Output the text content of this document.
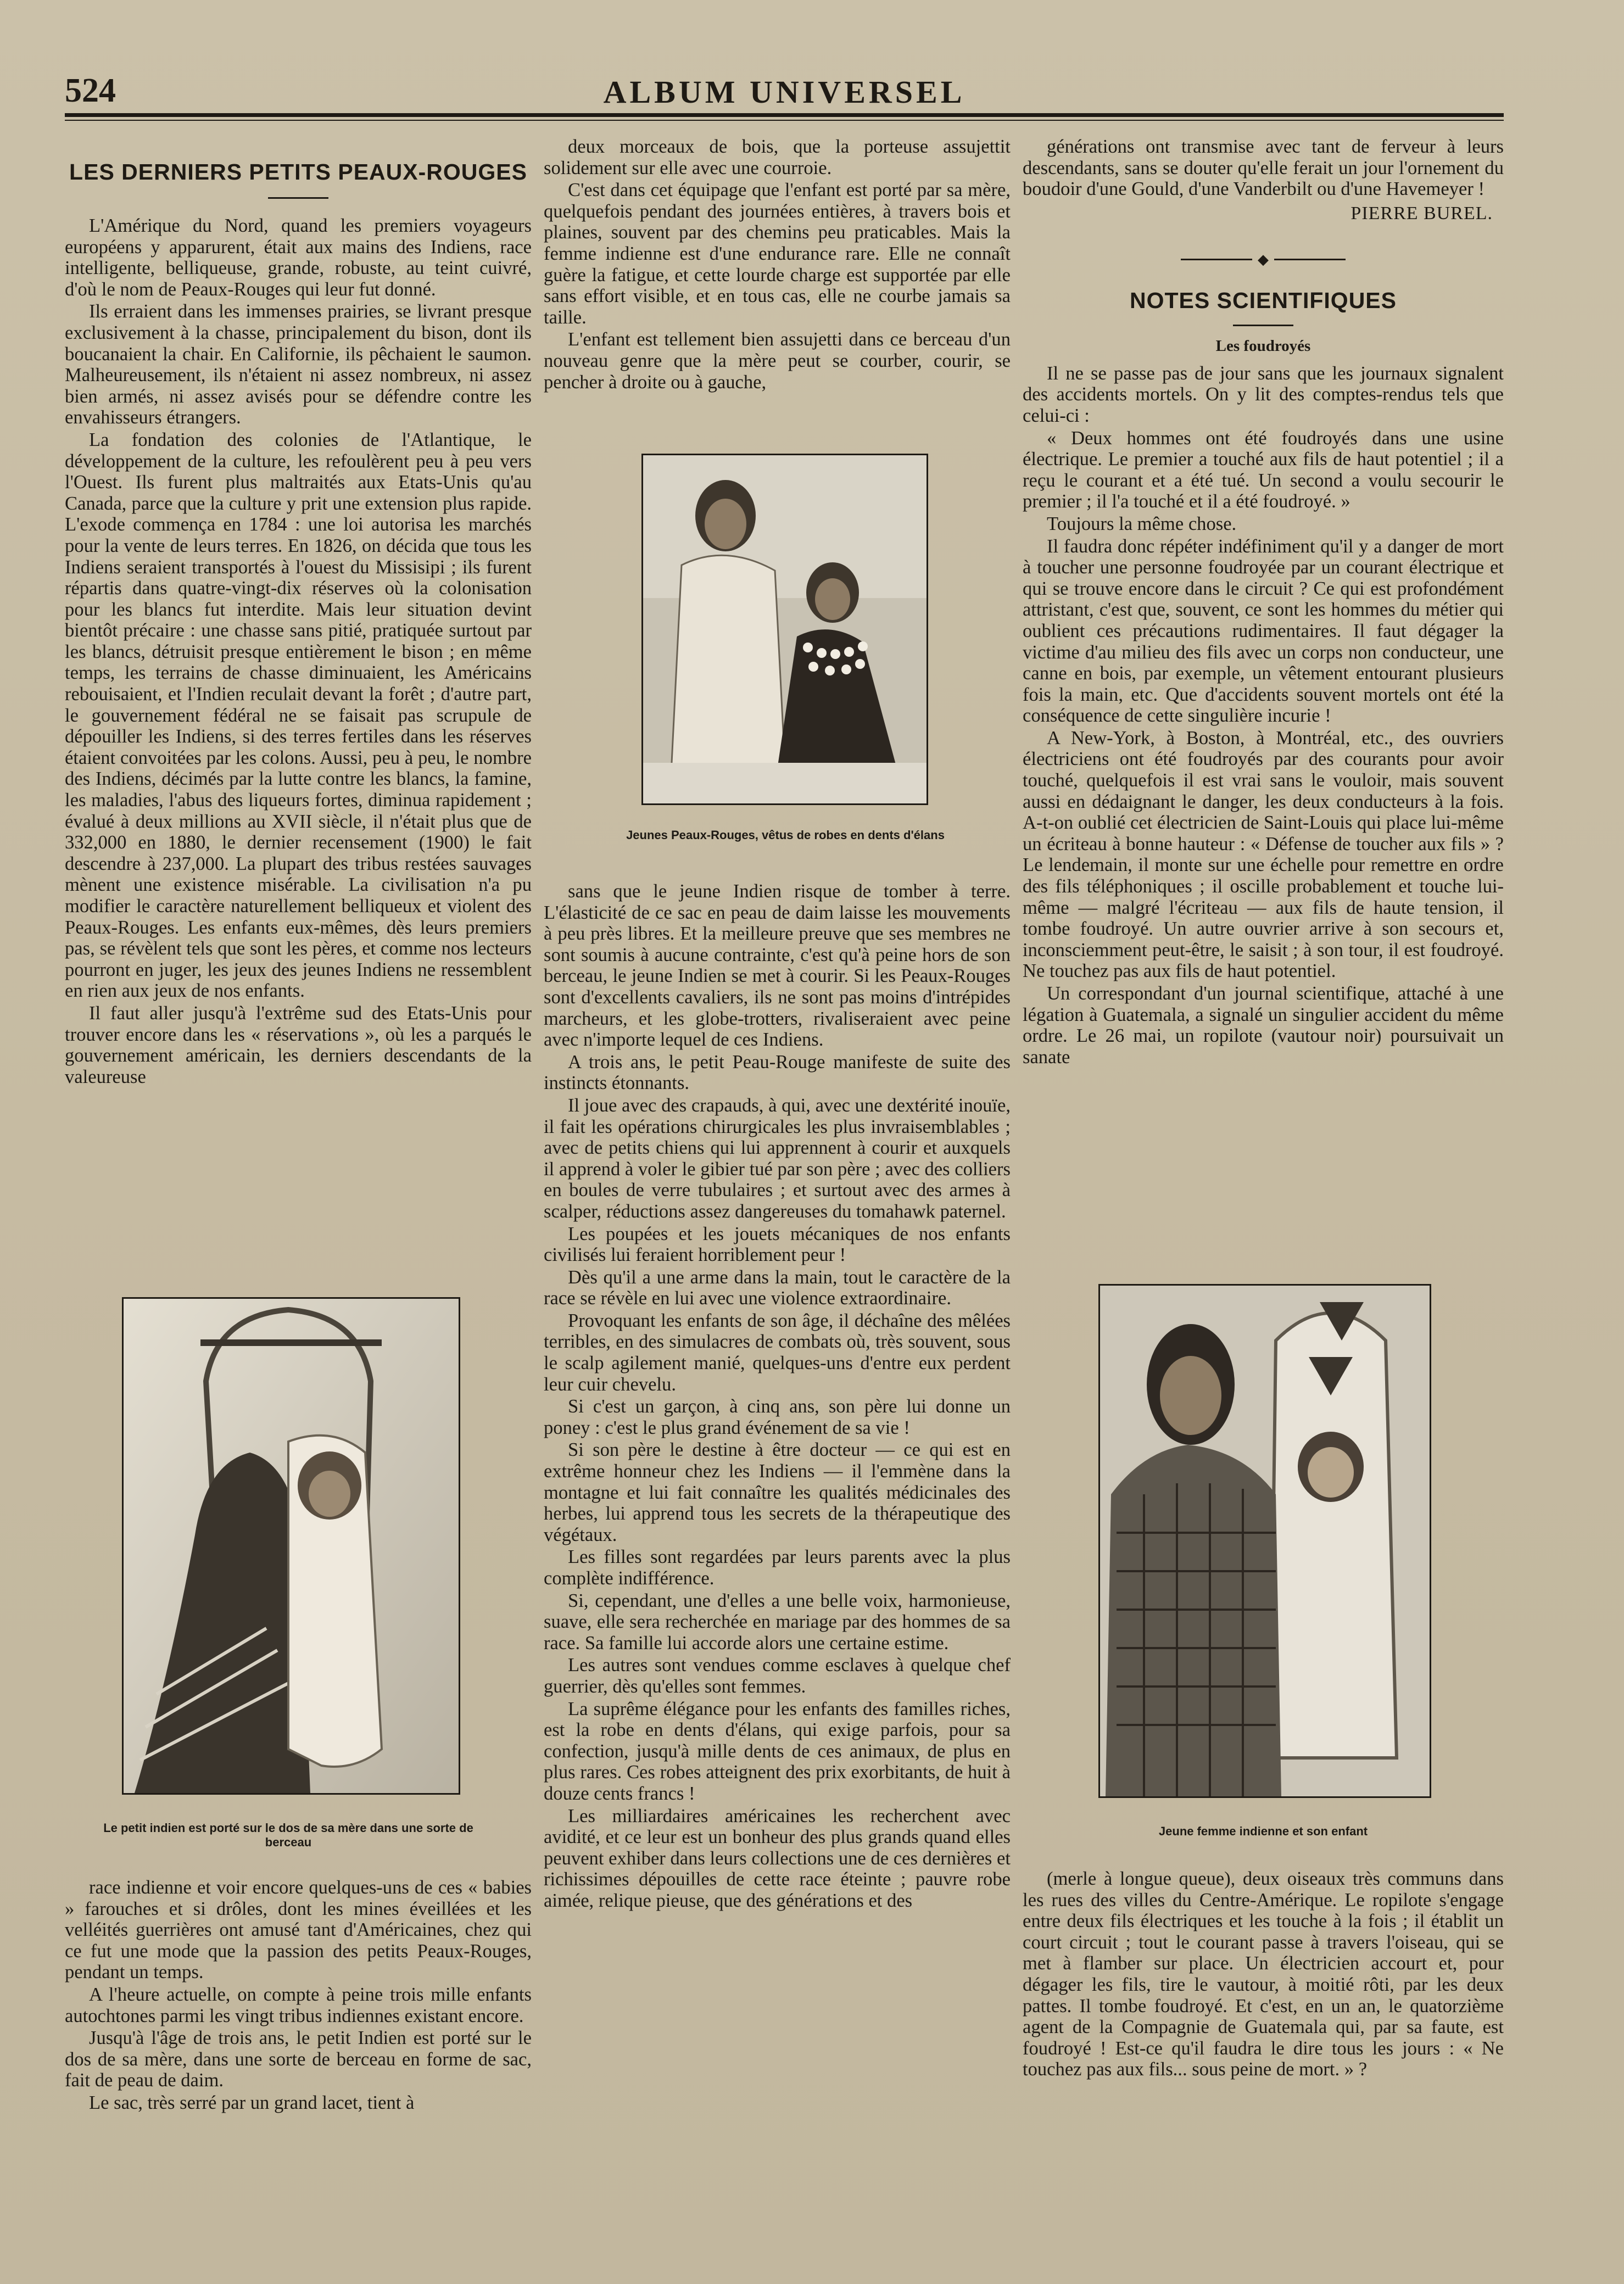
524	ALBUM UNIVERSEL
LES DERNIERS PETITS PEAUX-ROUGES

L'Amérique du Nord, quand les premiers voyageurs européens y apparurent, était aux mains des Indiens, race intelligente, belliqueuse, grande, robuste, au teint cuivré, d'où le nom de Peaux-Rouges qui leur fut donné.

Ils erraient dans les immenses prairies, se livrant presque exclusivement à la chasse, principalement du bison, dont ils boucanaient la chair. En Californie, ils pêchaient le saumon. Malheureusement, ils n'étaient ni assez nombreux, ni assez bien armés, ni assez avisés pour se défendre contre les envahisseurs étrangers.

La fondation des colonies de l'Atlantique, le développement de la culture, les refoulèrent peu à peu vers l'Ouest. Ils furent plus maltraités aux Etats-Unis qu'au Canada, parce que la culture y prit une extension plus rapide. L'exode commença en 1784 : une loi autorisa les marchés pour la vente de leurs terres. En 1826, on décida que tous les Indiens seraient transportés à l'ouest du Missisipi ; ils furent répartis dans quatre-vingt-dix réserves où la colonisation pour les blancs fut interdite. Mais leur situation devint bientôt précaire : une chasse sans pitié, pratiquée surtout par les blancs, détruisit presque entièrement le bison ; en même temps, les terrains de chasse diminuaient, les Américains rebouisaient, et l'Indien reculait devant la forêt ; d'autre part, le gouvernement fédéral ne se faisait pas scrupule de dépouiller les Indiens, si des terres fertiles dans les réserves étaient convoitées par les colons. Aussi, peu à peu, le nombre des Indiens, décimés par la lutte contre les blancs, la famine, les maladies, l'abus des liqueurs fortes, diminua rapidement ; évalué à deux millions au XVII siècle, il n'était plus que de 332,000 en 1880, le dernier recensement (1900) le fait descendre à 237,000. La plupart des tribus restées sauvages mènent une existence misérable. La civilisation n'a pu modifier le caractère naturellement belliqueux et violent des Peaux-Rouges. Les enfants eux-mêmes, dès leurs premiers pas, se révèlent tels que sont les pères, et comme nos lecteurs pourront en juger, les jeux des jeunes Indiens ne ressemblent en rien aux jeux de nos enfants.

Il faut aller jusqu'à l'extrême sud des Etats-Unis pour trouver encore dans les « réservations », où les a parqués le gouvernement américain, les derniers descendants de la valeureuse

Le petit indien est porté sur le dos de sa mère dans une sorte de berceau

race indienne et voir encore quelques-uns de ces « babies » farouches et si drôles, dont les mines éveillées et les velléités guerrières ont amusé tant d'Américaines, chez qui ce fut une mode que la passion des petits Peaux-Rouges, pendant un temps.

A l'heure actuelle, on compte à peine trois mille enfants autochtones parmi les vingt tribus indiennes existant encore.

Jusqu'à l'âge de trois ans, le petit Indien est porté sur le dos de sa mère, dans une sorte de berceau en forme de sac, fait de peau de daim.

Le sac, très serré par un grand lacet, tient à

deux morceaux de bois, que la porteuse assujettit solidement sur elle avec une courroie.

C'est dans cet équipage que l'enfant est porté par sa mère, quelquefois pendant des journées entières, à travers bois et plaines, souvent par des chemins peu praticables. Mais la femme indienne est d'une endurance rare. Elle ne connaît guère la fatigue, et cette lourde charge est supportée par elle sans effort visible, et en tous cas, elle ne courbe jamais sa taille.

L'enfant est tellement bien assujetti dans ce berceau d'un nouveau genre que la mère peut se courber, courir, se pencher à droite ou à gauche,

Jeunes Peaux-Rouges, vêtus de robes en dents d'élans

sans que le jeune Indien risque de tomber à terre. L'élasticité de ce sac en peau de daim laisse les mouvements à peu près libres. Et la meilleure preuve que ses membres ne sont soumis à aucune contrainte, c'est qu'à peine hors de son berceau, le jeune Indien se met à courir. Si les Peaux-Rouges sont d'excellents cavaliers, ils ne sont pas moins d'intrépides marcheurs, et les globe-trotters, rivaliseraient avec peine avec n'importe lequel de ces Indiens.

A trois ans, le petit Peau-Rouge manifeste de suite des instincts étonnants.

Il joue avec des crapauds, à qui, avec une dextérité inouïe, il fait les opérations chirurgicales les plus invraisemblables ; avec de petits chiens qui lui apprennent à courir et auxquels il apprend à voler le gibier tué par son père ; avec des colliers en boules de verre tubulaires ; et surtout avec des armes à scalper, réductions assez dangereuses du tomahawk paternel.

Les poupées et les jouets mécaniques de nos enfants civilisés lui feraient horriblement peur !

Dès qu'il a une arme dans la main, tout le caractère de la race se révèle en lui avec une violence extraordinaire.

Provoquant les enfants de son âge, il déchaîne des mêlées terribles, en des simulacres de combats où, très souvent, sous le scalp agilement manié, quelques-uns d'entre eux perdent leur cuir chevelu.

Si c'est un garçon, à cinq ans, son père lui donne un poney : c'est le plus grand événement de sa vie !

Si son père le destine à être docteur — ce qui est en extrême honneur chez les Indiens — il l'emmène dans la montagne et lui fait connaître les qualités médicinales des herbes, lui apprend tous les secrets de la thérapeutique des végétaux.

Les filles sont regardées par leurs parents avec la plus complète indifférence.

Si, cependant, une d'elles a une belle voix, harmonieuse, suave, elle sera recherchée en mariage par des hommes de sa race. Sa famille lui accorde alors une certaine estime.

Les autres sont vendues comme esclaves à quelque chef guerrier, dès qu'elles sont femmes.

La suprême élégance pour les enfants des familles riches, est la robe en dents d'élans, qui exige parfois, pour sa confection, jusqu'à mille dents de ces animaux, de plus en plus rares. Ces robes atteignent des prix exorbitants, de huit à douze cents francs !

Les milliardaires américaines les recherchent avec avidité, et ce leur est un bonheur des plus grands quand elles peuvent exhiber dans leurs collections une de ces dernières et richissimes dépouilles de cette race éteinte ; pauvre robe aimée, relique pieuse, que des générations et des

générations ont transmise avec tant de ferveur à leurs descendants, sans se douter qu'elle ferait un jour l'ornement du boudoir d'une Gould, d'une Vanderbilt ou d'une Havemeyer !

PIERRE BUREL.
◆
NOTES SCIENTIFIQUES
Les foudroyés

Il ne se passe pas de jour sans que les journaux signalent des accidents mortels. On y lit des comptes-rendus tels que celui-ci :

« Deux hommes ont été foudroyés dans une usine électrique. Le premier a touché aux fils de haut potentiel ; il a reçu le courant et a été tué. Un second a voulu secourir le premier ; il l'a touché et il a été foudroyé. »

Toujours la même chose.

Il faudra donc répéter indéfiniment qu'il y a danger de mort à toucher une personne foudroyée par un courant électrique et qui se trouve encore dans le circuit ? Ce qui est profondément attristant, c'est que, souvent, ce sont les hommes du métier qui oublient ces précautions rudimentaires. Il faut dégager la victime d'au milieu des fils avec un corps non conducteur, une canne en bois, par exemple, un vêtement entourant plusieurs fois la main, etc. Que d'accidents souvent mortels ont été la conséquence de cette singulière incurie !

A New-York, à Boston, à Montréal, etc., des ouvriers électriciens ont été foudroyés par des courants pour avoir touché, quelquefois il est vrai sans le vouloir, mais souvent aussi en dédaignant le danger, les deux conducteurs à la fois. A-t-on oublié cet électricien de Saint-Louis qui place lui-même un écriteau à bonne hauteur : « Défense de toucher aux fils » ? Le lendemain, il monte sur une échelle pour remettre en ordre des fils téléphoniques ; il oscille probablement et touche lui-même — malgré l'écriteau — aux fils de haute tension, il tombe foudroyé. Un autre ouvrier arrive à son secours et, inconsciemment peut-être, le saisit ; à son tour, il est foudroyé. Ne touchez pas aux fils de haut potentiel.

Un correspondant d'un journal scientifique, attaché à une légation à Guatemala, a signalé un singulier accident du même ordre. Le 26 mai, un ropilote (vautour noir) poursuivait un sanate

Jeune femme indienne et son enfant

(merle à longue queue), deux oiseaux très communs dans les rues des villes du Centre-Amérique. Le ropilote s'engage entre deux fils électriques et les touche à la fois ; il établit un court circuit ; tout le courant passe à travers l'oiseau, qui se met à flamber sur place. Un électricien accourt et, pour dégager les fils, tire le vautour, à moitié rôti, par les deux pattes. Il tombe foudroyé. Et c'est, en un an, le quatorzième agent de la Compagnie de Guatemala qui, par sa faute, est foudroyé ! Est-ce qu'il faudra le dire tous les jours : « Ne touchez pas aux fils... sous peine de mort. » ?
